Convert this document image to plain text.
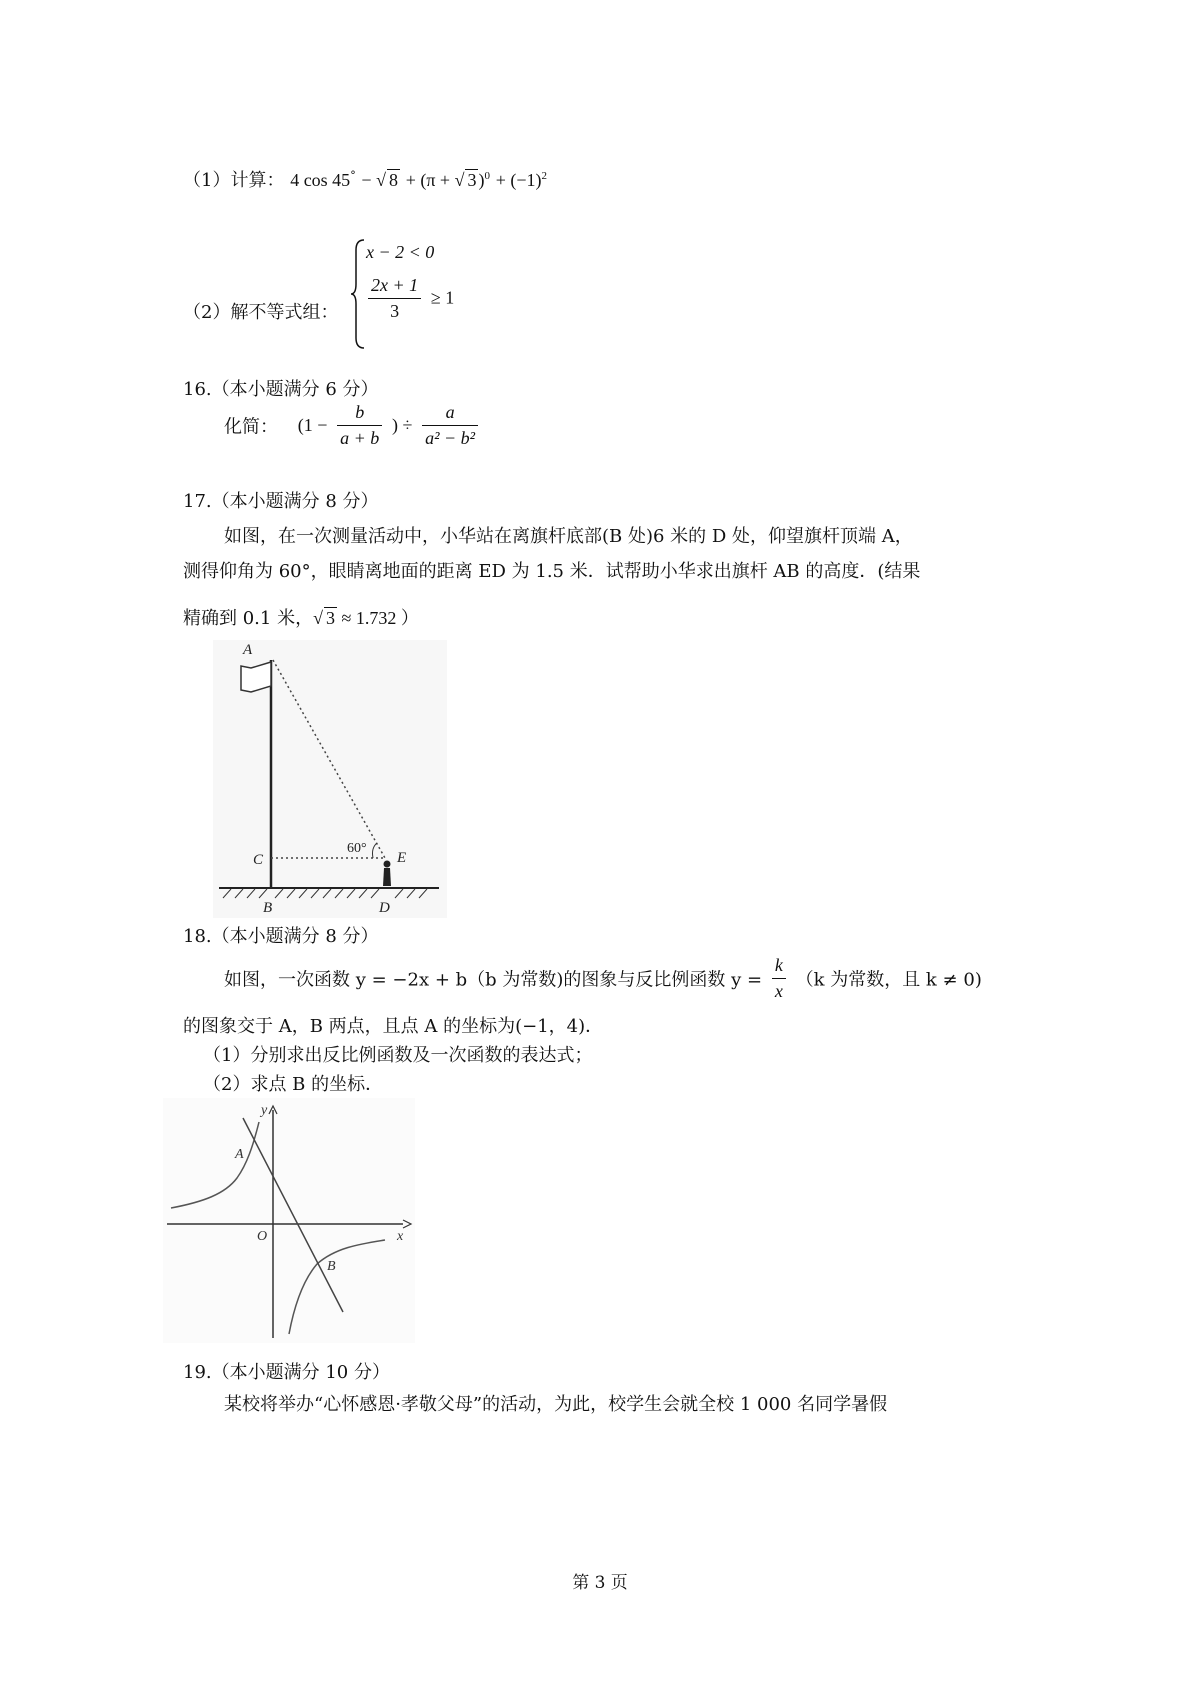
（1）计算： 4 cos 45° − √ 8 + (π + √ 3 )$^0 + (-1)^2$
（2）解不等式组：
x − 2 < 0
$\frac{2x + 1}{3} \ge 1$
16.（本小题满分 6 分）
化简： ($1 - \frac{b}{a + b}$ ) ÷ $\frac{a}{\text{a² − b²}}$
17.（本小题满分 8 分）
如图，在一次测量活动中，小华站在离旗杆底部(B 处)6 米的 D 处，仰望旗杆顶端 A，
测得仰角为 60°，眼睛离地面的距离 ED 为 1.5 米．试帮助小华求出旗杆 AB 的高度．(结果
精确到 0.1 米，√ 3 ≈ 1.732 ）
A
C
B	D
E
60°
18.（本小题满分 8 分）
如图，一次函数 y = −2x + b（b 为常数)的图象与反比例函数 $y = \frac{k}{x} (k$ 为常数，且 k ≠ 0)
的图象交于 A，B 两点，且点 A 的坐标为(−1，4)．
（1）分别求出反比例函数及一次函数的表达式；
（2）求点 B 的坐标．
y
x
O
A
B
19.（本小题满分 10 分）
某校将举办“心怀感恩·孝敬父母”的活动，为此，校学生会就全校 1 000 名同学暑假
第 3 页
